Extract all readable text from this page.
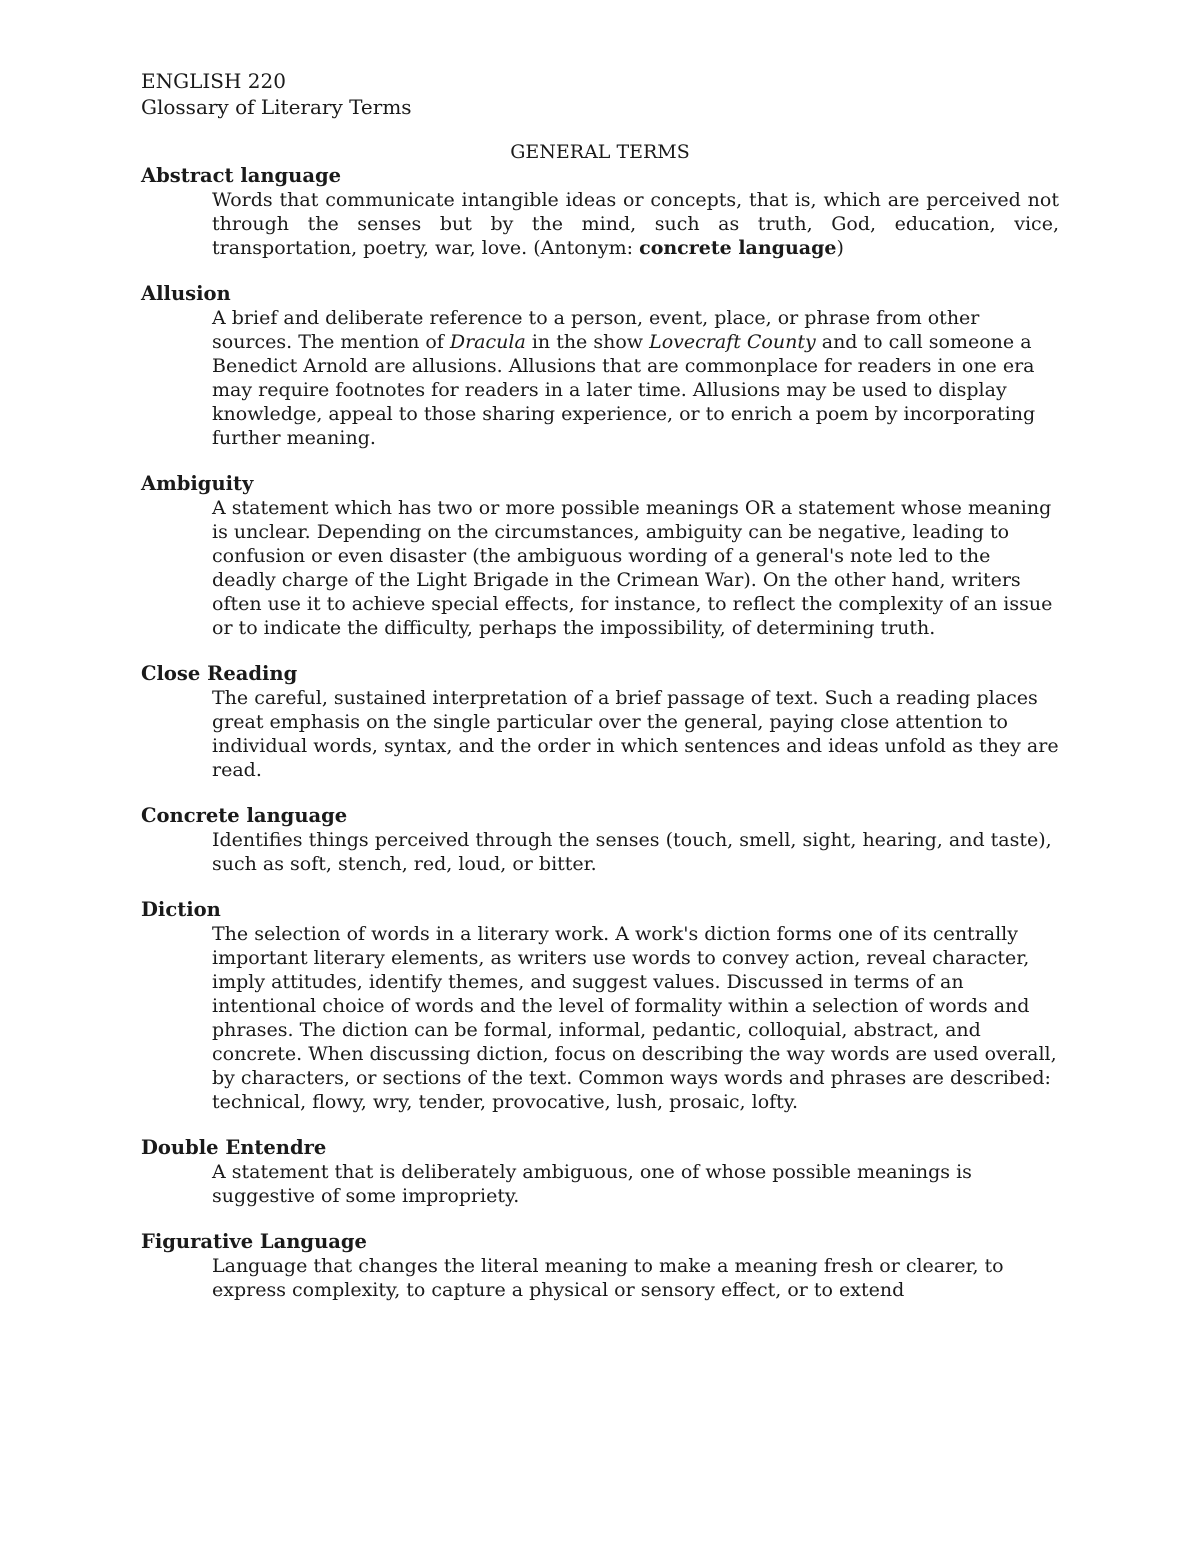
ENGLISH 220
Glossary of Literary Terms
GENERAL TERMS
Abstract language
Words that communicate intangible ideas or concepts, that is, which are perceived not through the senses but by the mind, such as truth, God, education, vice, transportation, poetry, war, love. (Antonym: concrete language)
Allusion
A brief and deliberate reference to a person, event, place, or phrase from other sources. The mention of Dracula in the show Lovecraft County and to call someone a Benedict Arnold are allusions. Allusions that are commonplace for readers in one era may require footnotes for readers in a later time. Allusions may be used to display knowledge, appeal to those sharing experience, or to enrich a poem by incorporating further meaning.
Ambiguity
A statement which has two or more possible meanings OR a statement whose meaning is unclear. Depending on the circumstances, ambiguity can be negative, leading to confusion or even disaster (the ambiguous wording of a general's note led to the deadly charge of the Light Brigade in the Crimean War). On the other hand, writers often use it to achieve special effects, for instance, to reflect the complexity of an issue or to indicate the difficulty, perhaps the impossibility, of determining truth.
Close Reading
The careful, sustained interpretation of a brief passage of text. Such a reading places great emphasis on the single particular over the general, paying close attention to individual words, syntax, and the order in which sentences and ideas unfold as they are read.
Concrete language
Identifies things perceived through the senses (touch, smell, sight, hearing, and taste), such as soft, stench, red, loud, or bitter.
Diction
The selection of words in a literary work. A work's diction forms one of its centrally important literary elements, as writers use words to convey action, reveal character, imply attitudes, identify themes, and suggest values. Discussed in terms of an intentional choice of words and the level of formality within a selection of words and phrases. The diction can be formal, informal, pedantic, colloquial, abstract, and concrete. When discussing diction, focus on describing the way words are used overall, by characters, or sections of the text. Common ways words and phrases are described: technical, flowy, wry, tender, provocative, lush, prosaic, lofty.
Double Entendre
A statement that is deliberately ambiguous, one of whose possible meanings is suggestive of some impropriety.
Figurative Language
Language that changes the literal meaning to make a meaning fresh or clearer, to express complexity, to capture a physical or sensory effect, or to extend
